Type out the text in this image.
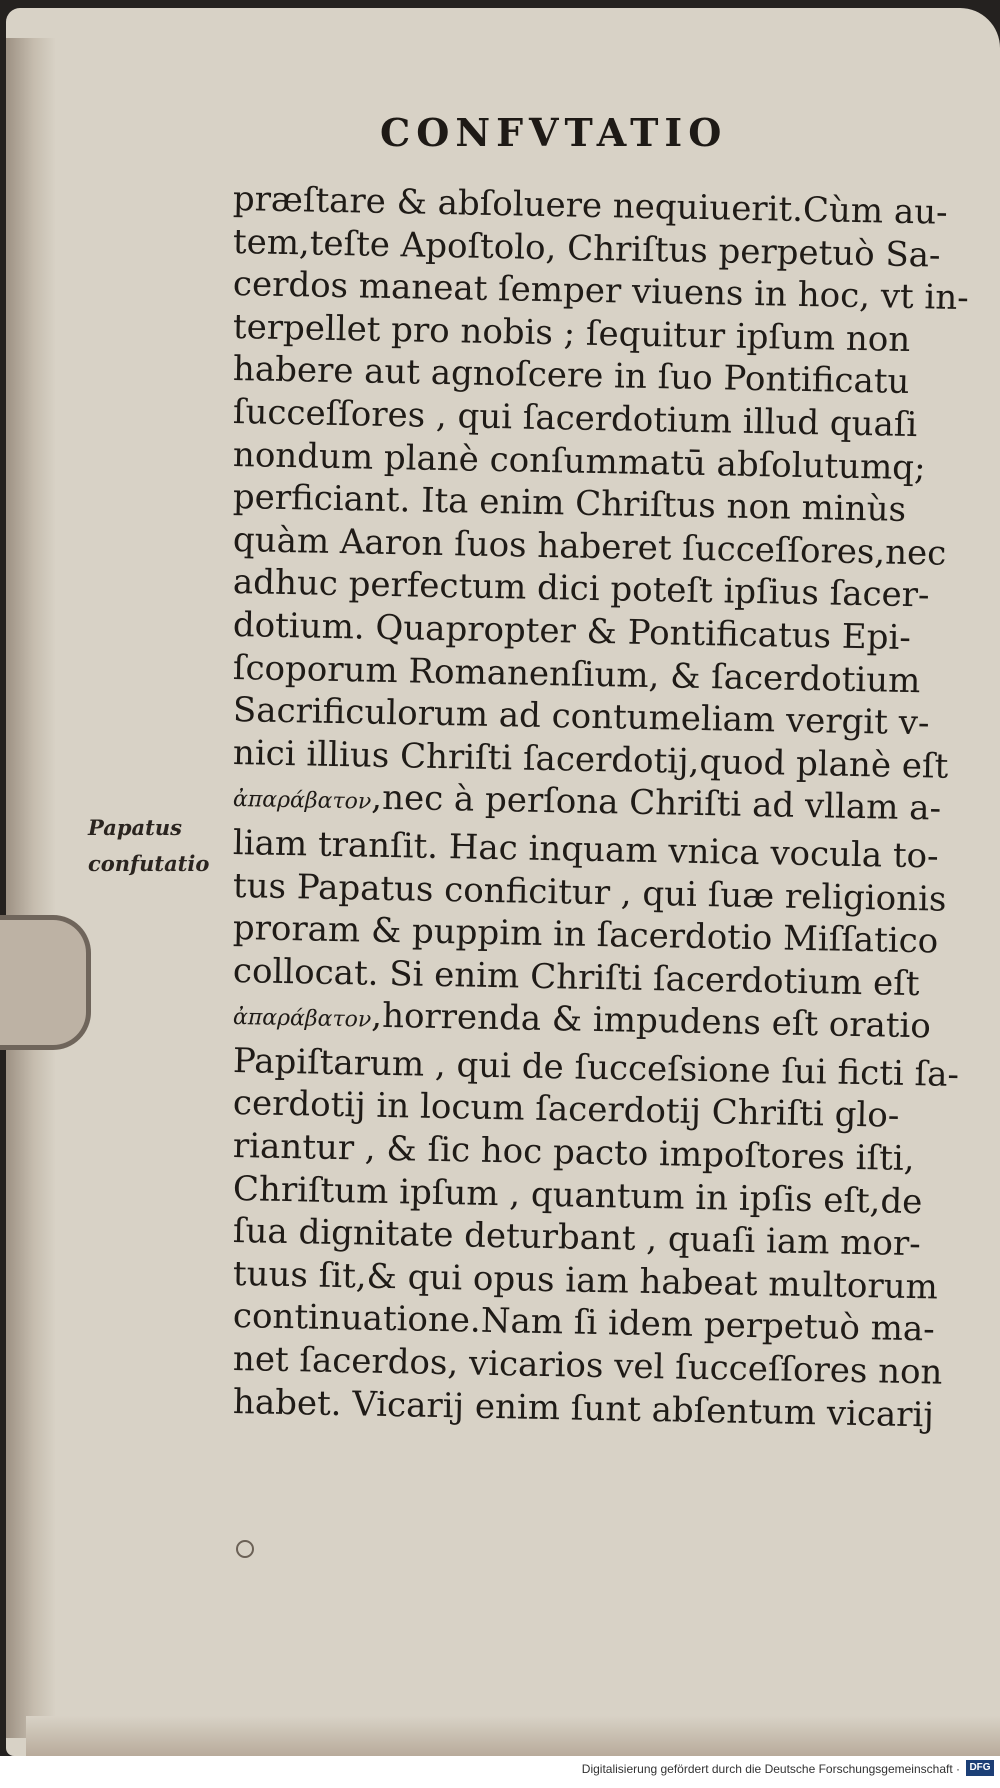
CONFVTATIO
Papatus
confutatio
præſtare & abſoluere nequiuerit.Cùm au-
tem,teſte Apoſtolo, Chriſtus perpetuò Sa-
cerdos maneat ſemper viuens in hoc, vt in-
terpellet pro nobis ; ſequitur ipſum non
habere aut agnoſcere in ſuo Pontificatu
ſucceſſores , qui ſacerdotium illud quaſi
nondum planè conſummatū abſolutumq;
perficiant. Ita enim Chriſtus non minùs
quàm Aaron ſuos haberet ſucceſſores,nec
adhuc perfectum dici poteſt ipſius ſacer-
dotium. Quapropter & Pontificatus Epi-
ſcoporum Romanenſium, & ſacerdotium
Sacrificulorum ad contumeliam vergit v-
nici illius Chriſti ſacerdotij,quod planè eſt
ἀπαράβατον,nec à perſona Chriſti ad vllam a-
liam tranſit. Hac inquam vnica vocula to-
tus Papatus conficitur , qui ſuæ religionis
proram & puppim in ſacerdotio Miſſatico
collocat. Si enim Chriſti ſacerdotium eſt
ἀπαράβατον,horrenda & impudens eſt oratio
Papiſtarum , qui de ſucceſsione ſui ficti ſa-
cerdotij in locum ſacerdotij Chriſti glo-
riantur , & ſic hoc pacto impoſtores iſti,
Chriſtum ipſum , quantum in ipſis eſt,de
ſua dignitate deturbant , quaſi iam mor-
tuus ſit,& qui opus iam habeat multorum
continuatione.Nam ſi idem perpetuò ma-
net ſacerdos, vicarios vel ſucceſſores non
habet. Vicarij enim ſunt abſentum vicarij
Digitalisierung gefördert durch die Deutsche Forschungsgemeinschaft · DFG
